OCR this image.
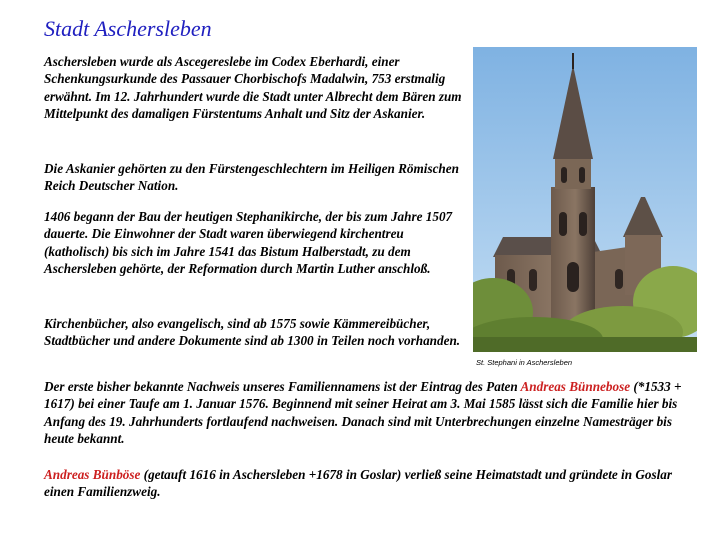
Stadt Aschersleben

Aschersleben wurde als Ascegereslebe im Codex Eberhardi, einer Schenkungsurkunde des Passauer Chorbischofs Madalwin, 753 erstmalig erwähnt. Im 12. Jahrhundert wurde die Stadt unter Albrecht dem Bären zum Mittelpunkt des damaligen Fürstentums Anhalt und Sitz der Askanier.

Die Askanier gehörten zu den Fürstengeschlechtern im Heiligen Römischen Reich Deutscher Nation.

1406 begann der Bau der heutigen Stephanikirche, der bis zum Jahre 1507 dauerte. Die Einwohner der Stadt waren überwiegend kirchentreu (katholisch) bis sich im Jahre 1541 das Bistum Halberstadt, zu dem Aschersleben gehörte, der Reformation durch Martin Luther anschloß.

Kirchenbücher, also evangelisch, sind ab 1575 sowie Kämmereibücher, Stadtbücher und andere Dokumente sind ab 1300 in Teilen noch vorhanden.

Der erste bisher bekannte Nachweis unseres Familiennamens ist der Eintrag des Paten Andreas Bünnebose (*1533 + 1617) bei einer Taufe am 1. Januar 1576. Beginnend mit seiner Heirat am 3. Mai 1585 lässt sich die Familie hier bis Anfang des 19. Jahrhunderts fortlaufend nachweisen. Danach sind mit Unterbrechungen einzelne Namesträger bis heute bekannt.

Andreas Bünböse (getauft 1616 in Aschersleben +1678 in Goslar) verließ seine Heimatstadt und gründete in Goslar einen Familienzweig.

St. Stephani in Aschersleben
